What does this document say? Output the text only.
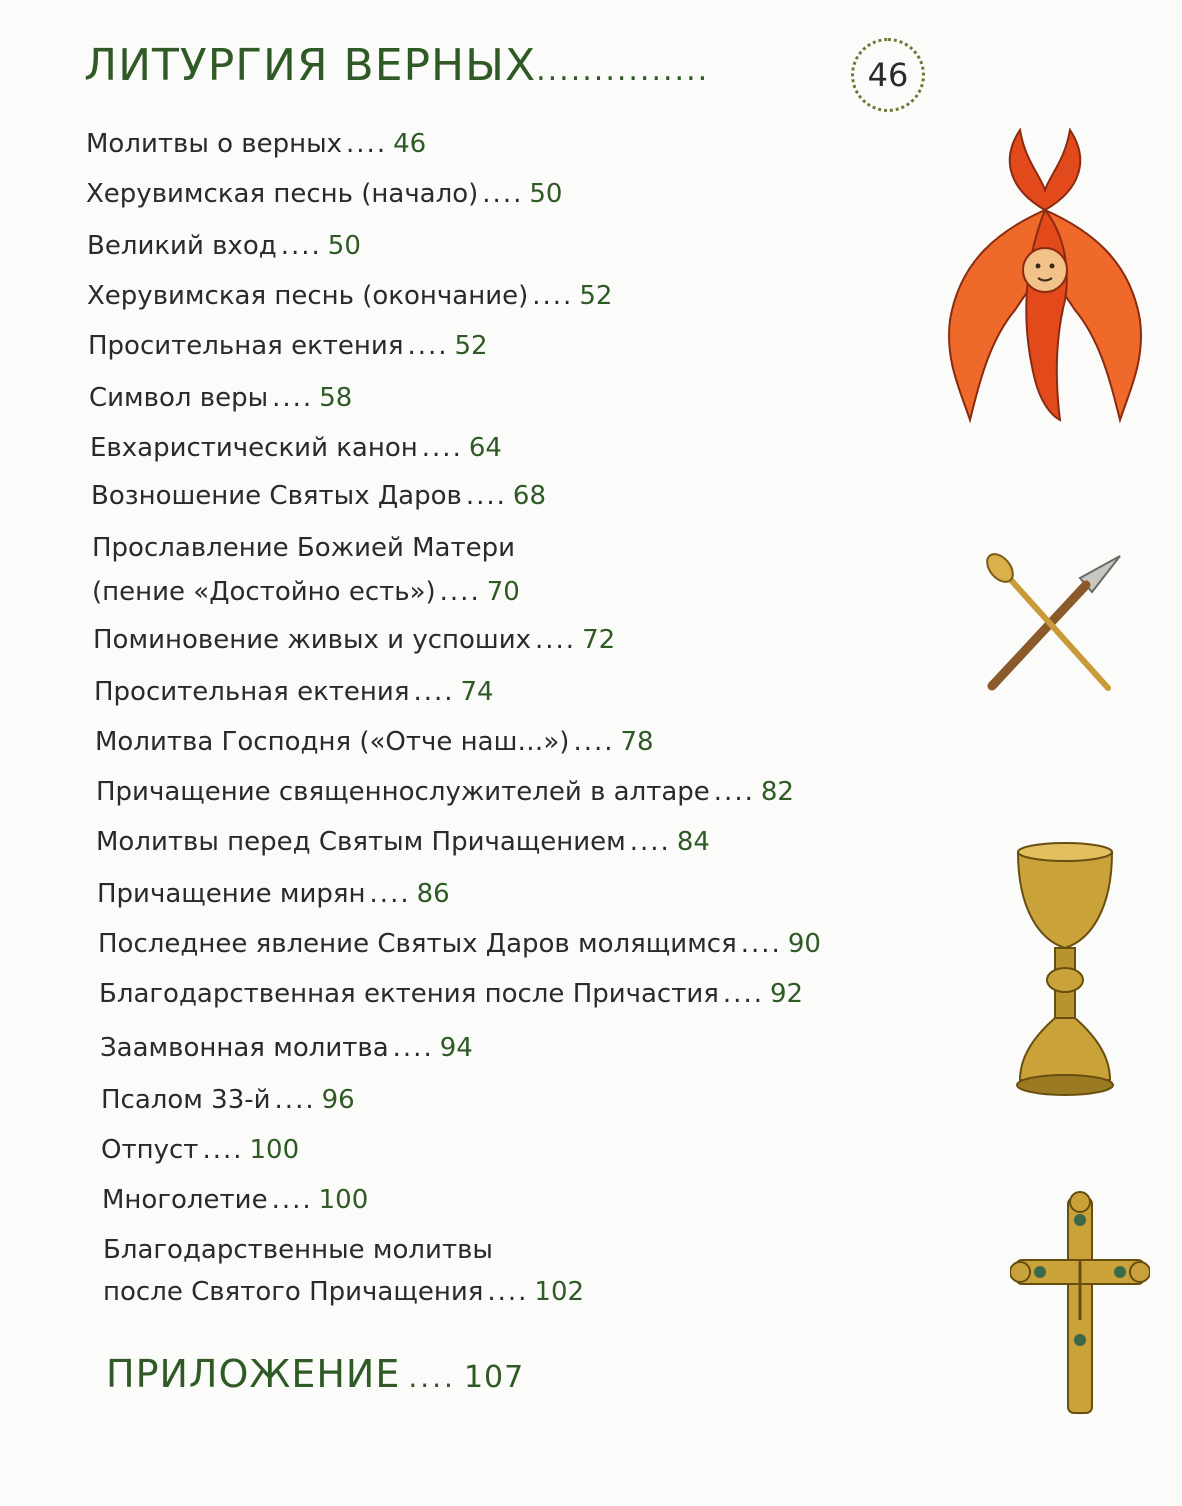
ЛИТУРГИЯ ВЕРНЫХ...............	46
Молитвы о верных .... 46
Херувимская песнь (начало) .... 50
Великий вход .... 50
Херувимская песнь (окончание) .... 52
Просительная ектения .... 52
Символ веры .... 58
Евхаристический канон .... 64
Возношение Святых Даров .... 68
Прославление Божией Матери
(пение «Достойно есть») .... 70
Поминовение живых и успоших .... 72
Просительная ектения .... 74
Молитва Господня («Отче наш…») .... 78
Причащение священнослужителей в алтаре .... 82
Молитвы перед Святым Причащением .... 84
Причащение мирян .... 86
Последнее явление Святых Даров молящимся .... 90
Благодарственная ектения после Причастия .... 92
Заамвонная молитва .... 94
Псалом 33-й .... 96
Отпуст .... 100
Многолетие .... 100
Благодарственные молитвы
после Святого Причащения .... 102
ПРИЛОЖЕНИЕ .... 107
